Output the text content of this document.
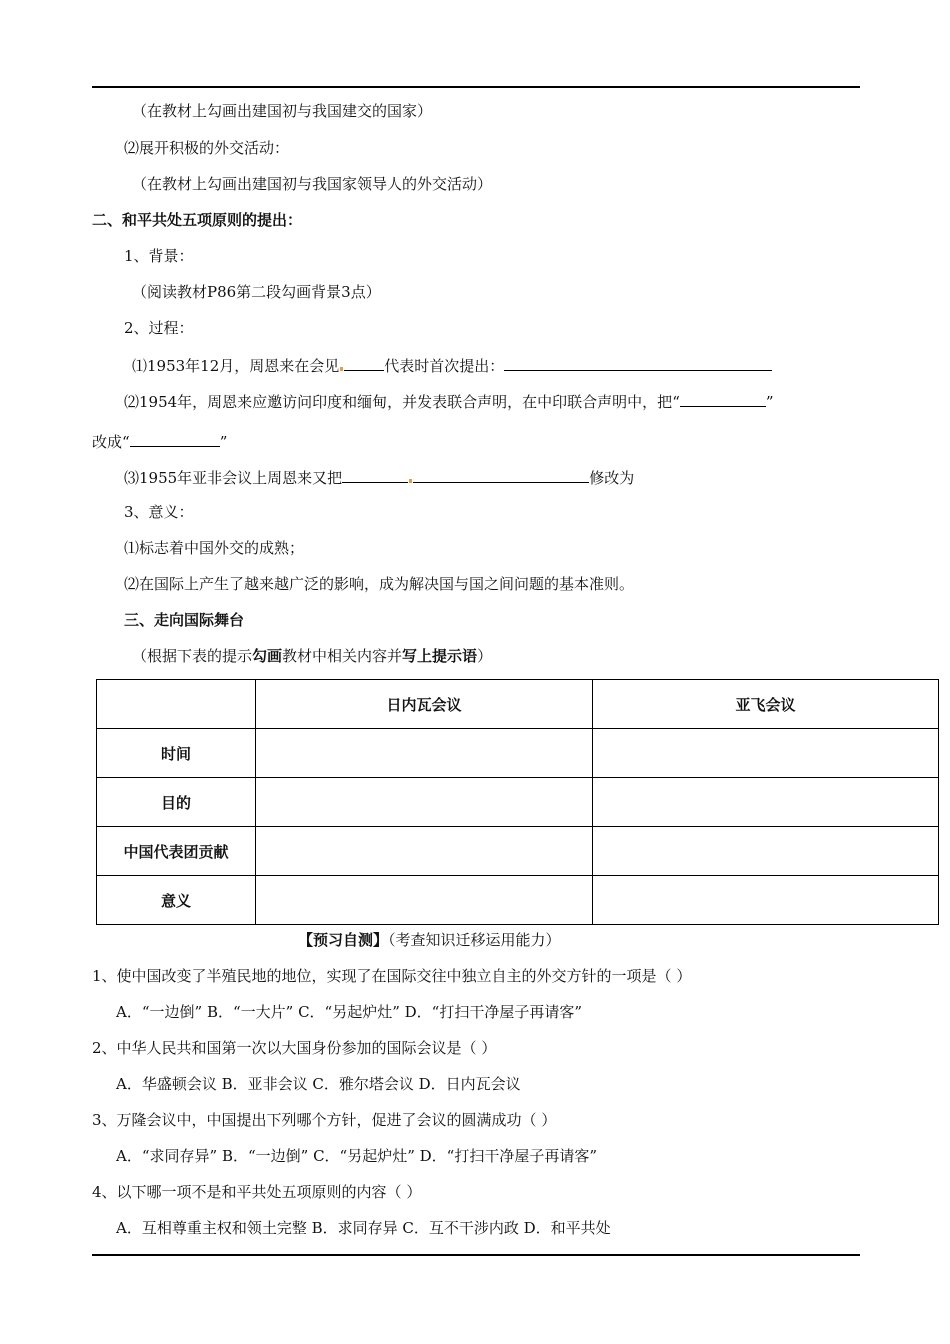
（在教材上勾画出建国初与我国建交的国家）
⑵展开积极的外交活动：
（在教材上勾画出建国初与我国家领导人的外交活动）
二、和平共处五项原则的提出：
1、背景：
（阅读教材P86第二段勾画背景3点）
2、过程：
⑴1953年12月，周恩来在会见	代表时首次提出：
⑵1954年，周恩来应邀访问印度和缅甸，并发表联合声明，在中印联合声明中，把“	”
改成“	”
⑶1955年亚非会议上周恩来又把	修改为
3、意义：
⑴标志着中国外交的成熟；
⑵在国际上产生了越来越广泛的影响，成为解决国与国之间问题的基本准则。
三、走向国际舞台
（根据下表的提示勾画教材中相关内容并写上提示语）
	日内瓦会议	亚飞会议
时间		
目的		
中国代表团贡献		
意义		
【预习自测】（考查知识迁移运用能力）
1、使中国改变了半殖民地的地位，实现了在国际交往中独立自主的外交方针的一项是（ ）
A．“一边倒” B．“一大片” C．“另起炉灶” D．“打扫干净屋子再请客”
2、中华人民共和国第一次以大国身份参加的国际会议是（ ）
A．华盛顿会议 B．亚非会议 C．雅尔塔会议 D．日内瓦会议
3、万隆会议中，中国提出下列哪个方针，促进了会议的圆满成功（ ）
A．“求同存异” B．“一边倒” C．“另起炉灶” D．“打扫干净屋子再请客”
4、以下哪一项不是和平共处五项原则的内容（ ）
A．互相尊重主权和领土完整 B．求同存异 C．互不干涉内政 D．和平共处
